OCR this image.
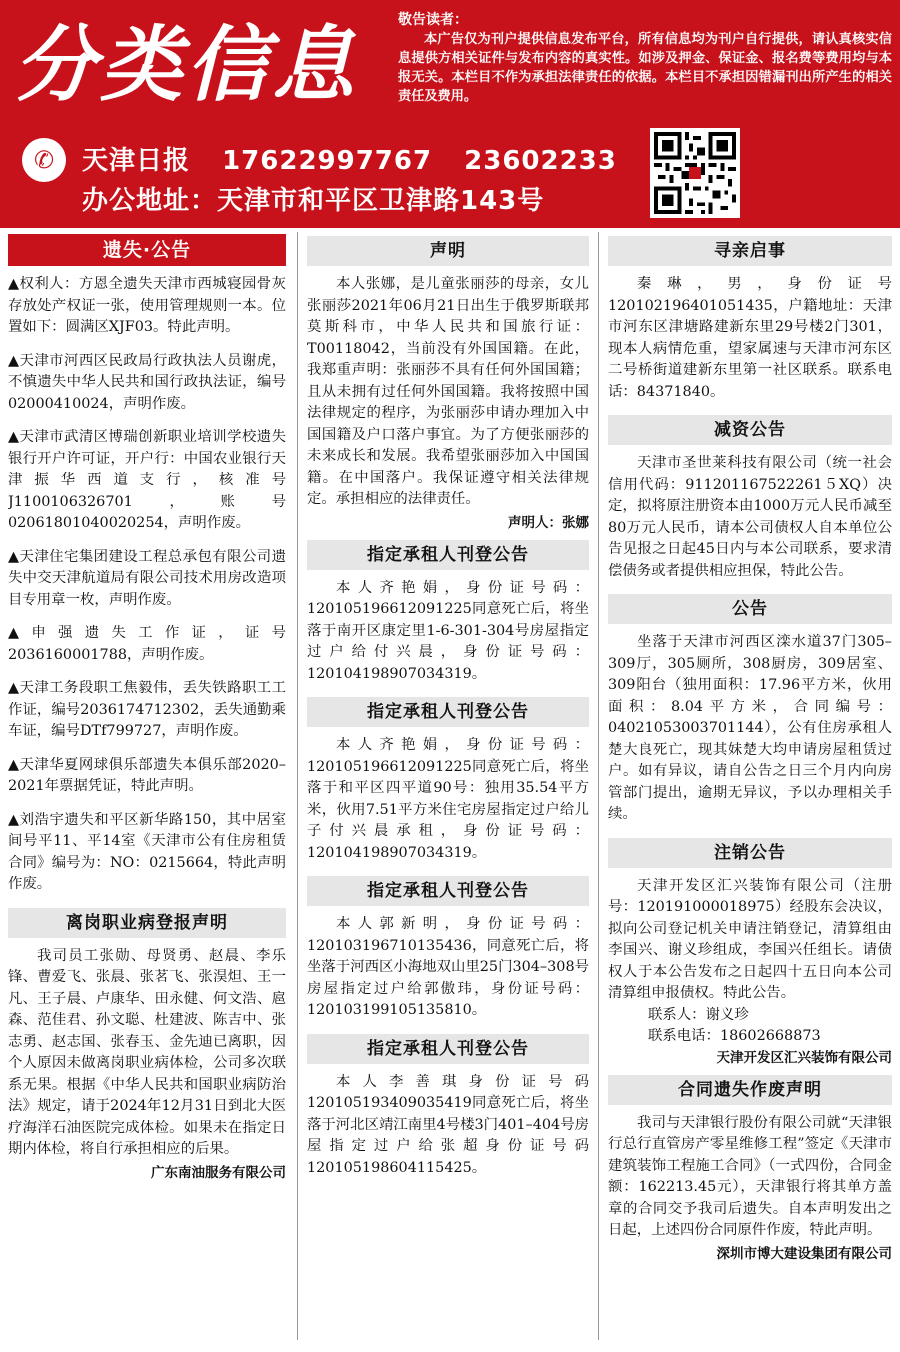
分类信息	敬告读者：
本广告仅为刊户提供信息发布平台，所有信息均为刊户自行提供，请认真核实信息提供方相关证件与发布内容的真实性。如涉及押金、保证金、报名费等费用均与本报无关。本栏目不作为承担法律责任的依据。本栏目不承担因错漏刊出所产生的相关责任及费用。
✆	天津日报 17622997767 23602233
办公地址：天津市和平区卫津路143号
遗失·公告
▲权利人：方恩全遗失天津市西城寝园骨灰存放处产权证一张，使用管理规则一本。位置如下：圆满区XJF03。特此声明。
▲天津市河西区民政局行政执法人员谢虎，不慎遗失中华人民共和国行政执法证，编号02000410024，声明作废。
▲天津市武清区博瑞创新职业培训学校遗失银行开户许可证，开户行：中国农业银行天津振华西道支行，核准号J1100106326701，账号02061801040020254，声明作废。
▲天津住宅集团建设工程总承包有限公司遗失中交天津航道局有限公司技术用房改造项目专用章一枚，声明作废。
▲申强遗失工作证，证号2036160001788，声明作废。
▲天津工务段职工焦毅伟，丢失铁路职工工作证，编号2036174712302，丢失通勤乘车证，编号DTf799727，声明作废。
▲天津华夏网球俱乐部遗失本俱乐部2020–2021年票据凭证，特此声明。
▲刘浩宇遗失和平区新华路150，其中居室间号平11、平14室《天津市公有住房租赁合同》编号为：NO：0215664，特此声明作废。
离岗职业病登报声明
我司员工张勋、母贤勇、赵晨、李乐锋、曹爱飞、张晨、张茗飞、张淏炟、王一凡、王子晨、卢康华、田永健、何文浩、扈森、范佳君、孙文聪、杜建波、陈吉中、张志勇、赵志国、张春玉、金先迪已离职，因个人原因未做离岗职业病体检，公司多次联系无果。根据《中华人民共和国职业病防治法》规定，请于2024年12月31日到北大医疗海洋石油医院完成体检。如果未在指定日期内体检，将自行承担相应的后果。
广东南油服务有限公司
声明
本人张娜，是儿童张丽莎的母亲，女儿张丽莎2021年06月21日出生于俄罗斯联邦莫斯科市，中华人民共和国旅行证：T00118042，当前没有外国国籍。在此，我郑重声明：张丽莎不具有任何外国国籍；且从未拥有过任何外国国籍。我将按照中国法律规定的程序，为张丽莎申请办理加入中国国籍及户口落户事宜。为了方便张丽莎的未来成长和发展。我希望张丽莎加入中国国籍。在中国落户。我保证遵守相关法律规定。承担相应的法律责任。
声明人：张娜
指定承租人刊登公告
本人齐艳娟，身份证号码：120105196612091225同意死亡后，将坐落于南开区康定里1-6-301-304号房屋指定过户给付兴晨，身份证号码：120104198907034319。
指定承租人刊登公告
本人齐艳娟，身份证号码：120105196612091225同意死亡后，将坐落于和平区四平道90号：独用35.54平方米，伙用7.51平方米住宅房屋指定过户给儿子付兴晨承租，身份证号码：120104198907034319。
指定承租人刊登公告
本人郭新明，身份证号码：120103196710135436，同意死亡后，将坐落于河西区小海地双山里25门304–308号房屋指定过户给郭傲玮，身份证号码：120103199105135810。
指定承租人刊登公告
本人李善琪身份证号码120105193409035419同意死亡后，将坐落于河北区靖江南里4号楼3门401–404号房屋指定过户给张超身份证号码120105198604115425。
寻亲启事
秦琳，男，身份证号120102196401051435，户籍地址：天津市河东区津塘路建新东里29号楼2门301，现本人病情危重，望家属速与天津市河东区二号桥街道建新东里第一社区联系。联系电话：84371840。
减资公告
天津市圣世莱科技有限公司（统一社会信用代码：911201167522261５XQ）决定，拟将原注册资本由1000万元人民币减至80万元人民币，请本公司债权人自本单位公告见报之日起45日内与本公司联系，要求清偿债务或者提供相应担保，特此公告。
公告
坐落于天津市河西区滦水道37门305–309厅，305厕所，308厨房，309居室、309阳台（独用面积：17.96平方米，伙用面积：8.04平方米，合同编号：04021053003701144），公有住房承租人楚大良死亡，现其妹楚大均申请房屋租赁过户。如有异议，请自公告之日三个月内向房管部门提出，逾期无异议，予以办理相关手续。
注销公告
天津开发区汇兴装饰有限公司（注册号：120191000018975）经股东会决议，拟向公司登记机关申请注销登记，清算组由李国兴、谢义珍组成，李国兴任组长。请债权人于本公告发布之日起四十五日向本公司清算组申报债权。特此公告。
联系人：谢义珍
联系电话：18602668873
天津开发区汇兴装饰有限公司
合同遗失作废声明
我司与天津银行股份有限公司就“天津银行总行直管房产零星维修工程”签定《天津市建筑装饰工程施工合同》（一式四份，合同金额：162213.45元），天津银行将其单方盖章的合同交予我司后遗失。自本声明发出之日起，上述四份合同原件作废，特此声明。
深圳市博大建设集团有限公司
